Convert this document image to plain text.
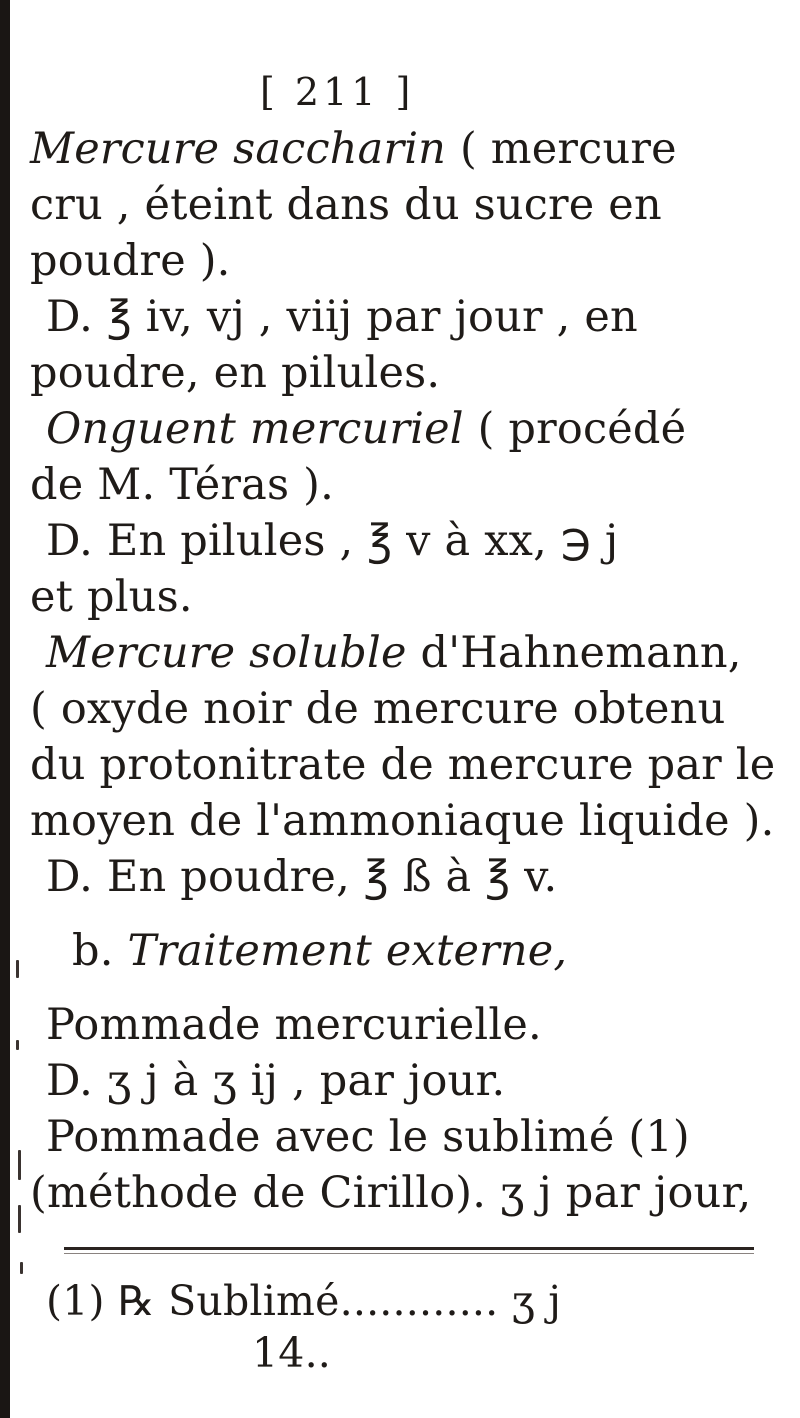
[ 211 ]
Mercure saccharin ( mercure
cru , éteint dans du sucre en
poudre ).
D. ℥ iv, vj , viij par jour , en
poudre, en pilules.
Onguent mercuriel ( procédé
de M. Téras ).
D. En pilules , ℥ v à xx, ℈ j
et plus.
Mercure soluble d'Hahnemann,
( oxyde noir de mercure obtenu
du protonitrate de mercure par le
moyen de l'ammoniaque liquide ).
D. En poudre, ℥ ß à ℥ v.
b. Traitement externe,
Pommade mercurielle.
D. ʒ j à ʒ ij , par jour.
Pommade avec le sublimé (1)
(méthode de Cirillo). ʒ j par jour,
(1) ℞ Sublimé............ ʒ j
14..
